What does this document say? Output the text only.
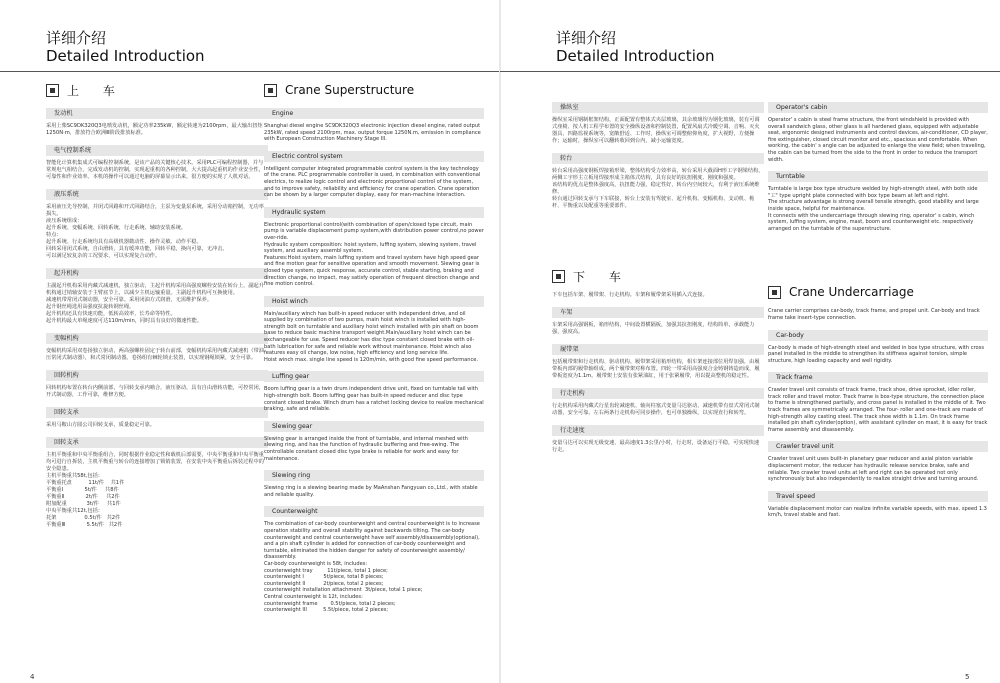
详细介绍
Detailed Introduction
上 车
发动机
采用上柴SC9DK320Q3电喷发动机，额定功率235kW，额定转速为2100rpm，最大输出扭矩1250N·m，排放符合欧洲Ⅲ阶段排放标准。
电气控制系统
智能化计算机集成式可编程控制系统，是该产品的关键核心技术。采用PLC可编程控制器，并与常规电气相结合，完成发动机的控制，实现起重机的各种控制，大大提高起重机的作业安全性，可靠性和作业效率。本机的操作可以通过电脑的屏幕显示出来，很方便的实现了人机对话。
液压系统
采用液压先导控制，并闭式回路和开式回路结合，主泵为变量泵系统，采用分动箱控制，无功率损失。
液压系统组成：
起升系统、变幅系统、回转系统、行走系统、辅助安装系统。
特点：
起升系统、行走系统均具有高级机器微动性、操作灵敏、动作平稳。
回转采用闭式系统，自由滑转，具有缓冲功能，回转平稳，换向可靠，无冲击。
可以满足较复杂的工况要求，可以实现复合动作。
起升机构
主副起升机构采用内藏式减速机，独立驱动，主起升机构采用高强度螺栓安装在转台上，副起升机构通过销轴安装于主臂底节上，以减少主机运输重量。主副起升机构可互换使用。
减速机带常闭式制动器，安全可靠。采用闭油方式润滑，无需维护保养。
起升钢丝绳选用高强度抗旋转钢丝绳。
起升机构还具有快速功能，低转高效率，长寿命等特性。
起升机构最大单绳速度可达110m/min，同时具有良好的微速性能。
变幅机构
变幅机构采用双卷扬独立驱动，两高强螺栓固定于转台前部，变幅机构采用内藏式减速机（带油压常闭式制动器），和式常闭制动器。卷扬组有棘轮锁止装置，以实现钢绳锁紧，安全可靠。
回转机构
回转机构布置在转台内侧前部，与回转支承内啮合，液压驱动，具有自由滑转功能，可控常闭，开式制动器，工作可靠，维修方便。
回转支承
采用马鞍山方圆公司回转支承，质量稳定可靠。
回转支承
主机平衡重和中央平衡重组合，同时根据作业稳定性和载机后部需要，中央平衡重和中央平衡重均可进行自拆装，主机平衡重与转台的连接增加了锁销装置，在安装中央平衡重后拆装过程中的安全隐患。
主机平衡重共58t,包括：
平衡重托盘          11t/件    共1件
平衡重Ⅰ             5t/件     共8件
平衡重Ⅱ             2t/件     共2件
附加配重            3t/件     共1件
中央平衡重共12t,包括：
托架                 0.5t/件   共2件
平衡重Ⅲ             5.5t/件   共2件
Crane Superstructure
Engine
Shanghai diesel engine SC9DK320Q3 electronic injection diesel engine, rated output 235kW, rated speed 2100rpm, max. output forque 1250N.m, emission in compliance with European Construction Machinery Stage III.
Electric control system
Intelligent computer integrated programmable control system is the key technology of the crane. PLC programmable controller is used, in combination with conventional electrics, to realize logic control and electronic proportional control of the system, and to improve safety, reliability and efficiency for crane operation. Crane operation can be shown by a larger computer display, easy for man-machine interaction.
Hydraulic system
Electronic proportional control(with combination of open/closed type circuit, main pump is variable displacement pump system,with distribution power control,no power over-ride.
Hydraulic system composition: hoist system, luffing system, slewing system, travel system, and auxiliary assembl system.
Features:Hoist system, main luffing system and travel system have high speed gear and fine motion gear for sensitive operation and smooth movement. Slewing gear is closed type system, quick response, accurate control, stable starting, braking and direction change, no impact, may satisfy operation of frequent direction change and fine motion control.
Hoist winch
Main/auxiliary winch has built-in speed reducer with independent drive, and oil supplied by combination of two pumps, main hoist winch is installed with high- strength bolt on turntable and auxiliary hoist winch installed with pin shaft on boom base to reduce basic machine transport weight.Main/auxiliary hoist winch can be exchangeable for use. Speed reducer has disc type constant closed brake with oil-bath lubrication for safe and reliable work without maintenance. Hoist winch also features easy oil change, low noise, high efficiency and long service life.
Hoist winch max. single line speed is 120m/min, with good fine speed performance.
Luffing gear
Boom luffing gear is a twin drum independent drive unit, fixed on turntable tail with high-strength bolt. Boom luffing gear has built-in speed reducer and disc type constant closed brake. Winch drum has a ratchet locking device to realize mechanical braking, safe and reliable.
Slewing gear
Slewing gear is arranged inside the front of turntable, and internal meshed with slewing ring, and has the function of hydraulic buffering and free-swing. The controllable constant closed disc type brake is reliable for work and easy for maintenance.
Slewing ring
Slewing ring is a slewing bearing made by MaAnshan Fangyuan co.,Ltd., with stable and reliable quality.
Counterweight
The combination of car-body counterweight and central counterweight is to increase operation stability and overall stability against backwards tilting. The car-body counterweight and central counterweight have self assembly/disassembly(optional), and a pin shaft cylinder is added for connection of car-body counterweight and turntable, eliminated the hidden danger for safety of counterweight assembly/ disassembly.
Car-body counterweight is 58t, includes:
counterweight tray         11t/piece, total 1 piece;
counterweight I            5t/piece, total 8 pieces;
counterweight II           2t/piece, total 2 pieces;
counterweight installation attachment  3t/piece, total 1 piece;
Central counterweight is 12t, includes:
counterweight frame        0.5t/piece, total 2 pieces;
counterweight III          5.5t/piece, total 2 pieces;
4
详细介绍
Detailed Introduction
操纵室
操纵室采用钢制框架结构，正面配置有整体式夹层玻璃，其余玻璃均为钢化玻璃，装有可调式座椅、按人机工程学布置的安全操纵设备和控制装置，配置风扇式冷暖空调、音响、灭火器具、四路监视系统等，宽敞舒适、工作时，操纵室可调整俯仰角度，扩大视野，方便操作；运输时，操纵室可以翻转收回到台内，减小运输宽度。
转台
转台采用高强度钢板焊接箱形梁，整体结构受力效率高，转台采用大截面H形工字钢梁结构，两侧工字形主立板用焊接形成主箱体式结构，具有良好的抗扭刚度、刚度和强度。
该结构的优点是整体强度高，抗扭能力强，稳定性好，转台内空间较大，有利于液压系统维修。
转台通过回转支承与下车联接，转台上安装有驾驶室、起升机构、变幅机构、支动机、桅杆、平衡重以及配重等重要部件。
下 车
下车包括车架、履带架、行走机构。车架和履带架采用插入式连接。
车架
车架采用高强钢板，箱形结构，中间设置横隔板，加强其抗扭刚度，结构简单，承载能力强，强度高。
履带架
包括履带架和行走机构、驱动机构。履带架采用箱形结构，相车架连接部位用焊加强，由履带板内部的履带轴组成。两个履带架对称布置。四轮一带采用高强度合金铸钢铸造而成，履带板宽度为1.1m。履带架上安装有张紧油缸，用于张紧履带，用以提高整机的稳定性。
行走机构
行走机构采用内藏式行星齿轮减速机、轴向柱塞式变量马达驱动，减速机带有盘式常闭式制动器，安全可靠。左右两条行走机构可同步操作，也可单独操纵，以实现直行和转弯。
行走速度
变量马达可以实现无级变速，最高速度1.3公里/小时，行走时，设备运行平稳，可实现快速行走。
Operator's cabin
Operator' s cabin is steel frame structure, the front windshield is provided with overall sandwich glass, other glass is all hardened glass, equipped with adjustable seat, ergonomic designed instruments and control devices, air-conditioner, CD player, fire extinguisher, closed circuit monitor and etc., spacious and comfortable. When working, the cabin' s angle can be adjusted to enlarge the view field; when traveling, the cabin can be turned from the side to the front in order to reduce the transport width.
Turntable
Turntable is large box type structure welded by high-strength steel, with both side "工" type upright plate connected with box type beam at left and right.
The structure advantage is strong overall tensile strength, good stability and large inside space, helpful for maintenance.
It connects with the undercarriage through slewing ring, operator' s cabin, winch system, luffing system, engine, mast, boom and counterweight etc. respectively arranged on the turntable of the superstructure.
Crane Undercarriage
Crane carrier comprises car-body, track frame, and propel unit. Car-body and track frame take insert-type connection.
Car-body
Car-body is made of high-strength steel and welded in box type structure, with cross panel installed in the middle to strengthen its stiffness against torsion, simple structure, high loading capacity and well rigidity.
Track frame
Crawler travel unit consists of track frame, track shoe, drive sprocket, idler roller, track roller and travel motor. Track frame is box-type structure, the connection place to frame is strengthened partially, and cross panel is installed in the middle of it. Two track frames are symmetrically arranged. The four- roller and one-track are made of high-strength alloy casting steel. The track shoe width is 1.1m. On track frame installed pin shaft cylinder(option), with assistant cylinder on mast, it is easy for track frame assembly and disassembly.
Crawler travel unit
Crawler travel unit uses built-in planetary gear reducer and axial piston variable displacement motor, the reducer has hydraulic release service brake, safe and reliable. Two crawler travel units at left and right can be operated not only synchronously but also independently to realize straight drive and turning around.
Travel speed
Variable displacement motor can realize infinite variable speeds, with max. speed 1.3 km/h, travel stable and fast.
5
